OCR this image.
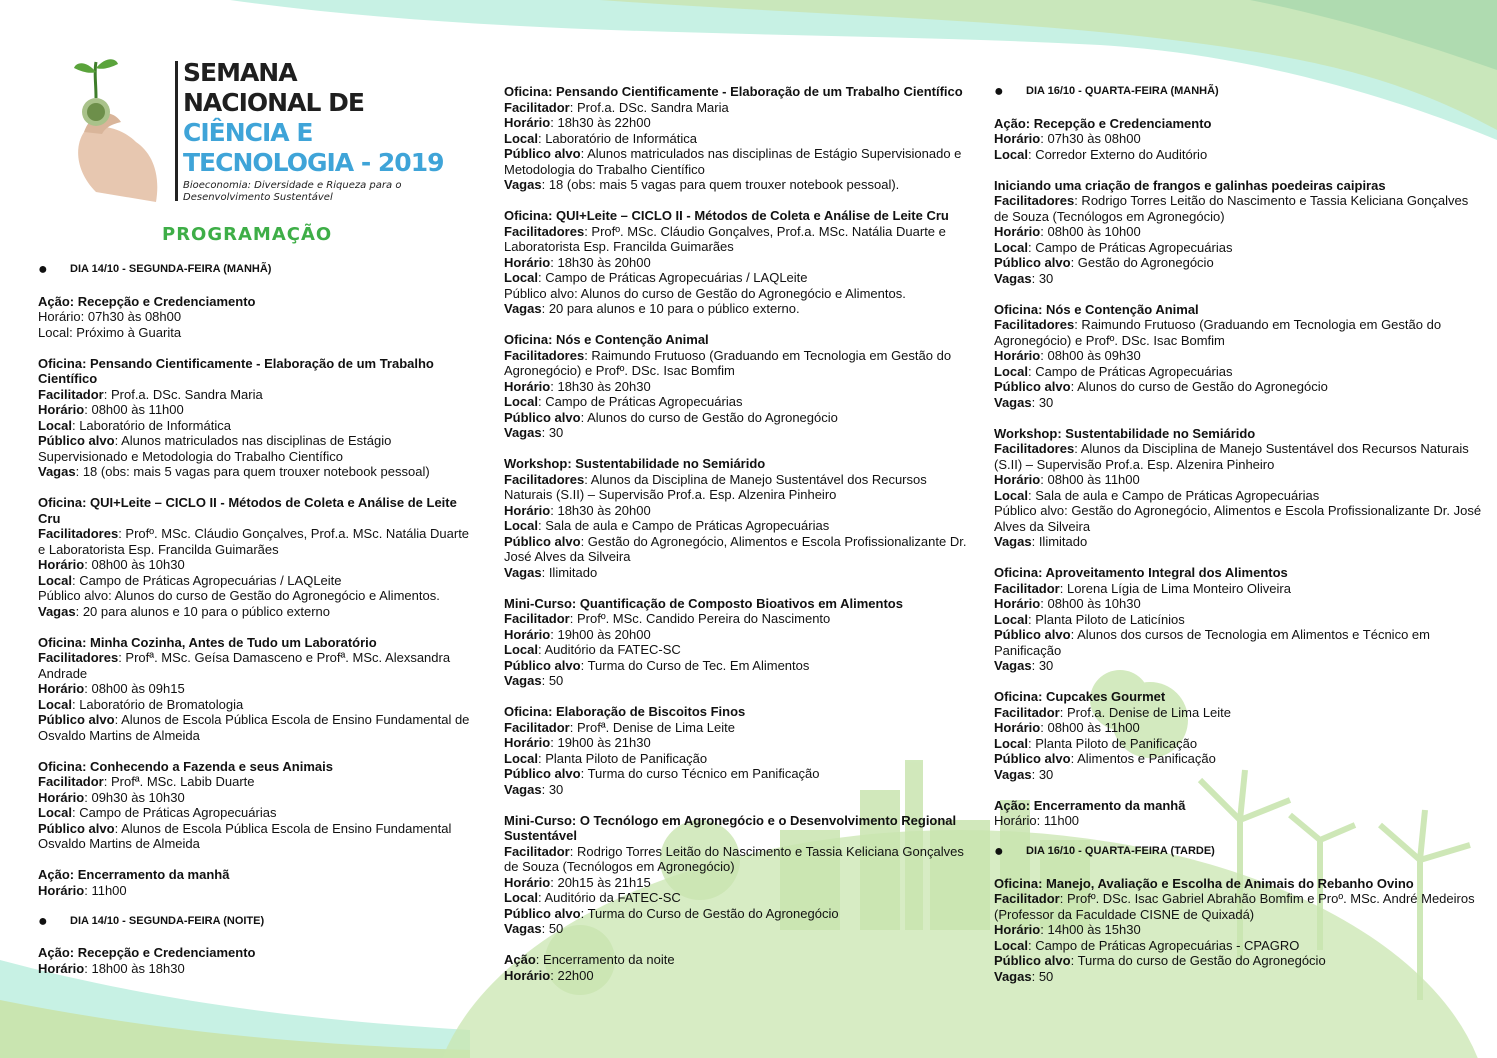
SEMANA
NACIONAL DE
CIÊNCIA E
TECNOLOGIA - 2019
Bioeconomia: Diversidade e Riqueza para o Desenvolvimento Sustentável
PROGRAMAÇÃO
●	DIA 14/10 - SEGUNDA-FEIRA (MANHÃ)
Ação: Recepção e Credenciamento
Horário: 07h30 às 08h00
Local: Próximo à Guarita
Oficina: Pensando Cientificamente - Elaboração de um Trabalho Científico
Facilitador: Prof.a. DSc. Sandra Maria
Horário: 08h00 às 11h00
Local: Laboratório de Informática
Público alvo: Alunos matriculados nas disciplinas de Estágio Supervisionado e Metodologia do Trabalho Científico
Vagas: 18 (obs: mais 5 vagas para quem trouxer notebook pessoal)
Oficina: QUI+Leite – CICLO II - Métodos de Coleta e Análise de Leite Cru
Facilitadores: Profº. MSc. Cláudio Gonçalves, Prof.a. MSc. Natália Duarte e Laboratorista Esp. Francilda Guimarães
Horário: 08h00 às 10h30
Local: Campo de Práticas Agropecuárias / LAQLeite
Público alvo: Alunos do curso de Gestão do Agronegócio e Alimentos.
Vagas: 20 para alunos e 10 para o público externo
Oficina: Minha Cozinha, Antes de Tudo um Laboratório
Facilitadores: Profª. MSc. Geísa Damasceno e Profª. MSc. Alexsandra Andrade
Horário: 08h00 às 09h15
Local: Laboratório de Bromatologia
Público alvo: Alunos de Escola Pública Escola de Ensino Fundamental de Osvaldo Martins de Almeida
Oficina: Conhecendo a Fazenda e seus Animais
Facilitador: Profª. MSc. Labib Duarte
Horário: 09h30 às 10h30
Local: Campo de Práticas Agropecuárias
Público alvo: Alunos de Escola Pública Escola de Ensino Fundamental Osvaldo Martins de Almeida
Ação: Encerramento da manhã
Horário: 11h00
●	DIA 14/10 - SEGUNDA-FEIRA (NOITE)
Ação: Recepção e Credenciamento
Horário: 18h00 às 18h30
Oficina: Pensando Cientificamente - Elaboração de um Trabalho Científico
Facilitador: Prof.a. DSc. Sandra Maria
Horário: 18h30 às 22h00
Local: Laboratório de Informática
Público alvo: Alunos matriculados nas disciplinas de Estágio Supervisionado e Metodologia do Trabalho Científico
Vagas: 18 (obs: mais 5 vagas para quem trouxer notebook pessoal).
Oficina: QUI+Leite – CICLO II - Métodos de Coleta e Análise de Leite Cru
Facilitadores: Profº. MSc. Cláudio Gonçalves, Prof.a. MSc. Natália Duarte e Laboratorista Esp. Francilda Guimarães
Horário: 18h30 às 20h00
Local: Campo de Práticas Agropecuárias / LAQLeite
Público alvo: Alunos do curso de Gestão do Agronegócio e Alimentos.
Vagas: 20 para alunos e 10 para o público externo.
Oficina: Nós e Contenção Animal
Facilitadores: Raimundo Frutuoso (Graduando em Tecnologia em Gestão do Agronegócio) e Profº. DSc. Isac Bomfim
Horário: 18h30 às 20h30
Local: Campo de Práticas Agropecuárias
Público alvo: Alunos do curso de Gestão do Agronegócio
Vagas: 30
Workshop: Sustentabilidade no Semiárido
Facilitadores: Alunos da Disciplina de Manejo Sustentável dos Recursos Naturais (S.II) – Supervisão Prof.a. Esp. Alzenira Pinheiro
Horário: 18h30 às 20h00
Local: Sala de aula e Campo de Práticas Agropecuárias
Público alvo: Gestão do Agronegócio, Alimentos e Escola Profissionalizante Dr. José Alves da Silveira
Vagas: Ilimitado
Mini-Curso: Quantificação de Composto Bioativos em Alimentos
Facilitador: Profº. MSc. Candido Pereira do Nascimento
Horário: 19h00 às 20h00
Local: Auditório da FATEC-SC
Público alvo: Turma do Curso de Tec. Em Alimentos
Vagas: 50
Oficina: Elaboração de Biscoitos Finos
Facilitador: Profª. Denise de Lima Leite
Horário: 19h00 às 21h30
Local: Planta Piloto de Panificação
Público alvo: Turma do curso Técnico em Panificação
Vagas: 30
Mini-Curso: O Tecnólogo em Agronegócio e o Desenvolvimento Regional Sustentável
Facilitador: Rodrigo Torres Leitão do Nascimento e Tassia Keliciana Gonçalves de Souza (Tecnólogos em Agronegócio)
Horário: 20h15 às 21h15
Local: Auditório da FATEC-SC
Público alvo: Turma do Curso de Gestão do Agronegócio
Vagas: 50
Ação: Encerramento da noite
Horário: 22h00
●	DIA 16/10 - QUARTA-FEIRA (MANHÃ)
Ação: Recepção e Credenciamento
Horário: 07h30 às 08h00
Local: Corredor Externo do Auditório
Iniciando uma criação de frangos e galinhas poedeiras caipiras
Facilitadores: Rodrigo Torres Leitão do Nascimento e Tassia Keliciana Gonçalves de Souza (Tecnólogos em Agronegócio)
Horário: 08h00 às 10h00
Local: Campo de Práticas Agropecuárias
Público alvo: Gestão do Agronegócio
Vagas: 30
Oficina: Nós e Contenção Animal
Facilitadores: Raimundo Frutuoso (Graduando em Tecnologia em Gestão do Agronegócio) e Profº. DSc. Isac Bomfim
Horário: 08h00 às 09h30
Local: Campo de Práticas Agropecuárias
Público alvo: Alunos do curso de Gestão do Agronegócio
Vagas: 30
Workshop: Sustentabilidade no Semiárido
Facilitadores: Alunos da Disciplina de Manejo Sustentável dos Recursos Naturais (S.II) – Supervisão Prof.a. Esp. Alzenira Pinheiro
Horário: 08h00 às 11h00
Local: Sala de aula e Campo de Práticas Agropecuárias
Público alvo: Gestão do Agronegócio, Alimentos e Escola Profissionalizante Dr. José Alves da Silveira
Vagas: Ilimitado
Oficina: Aproveitamento Integral dos Alimentos
Facilitador: Lorena Lígia de Lima Monteiro Oliveira
Horário: 08h00 às 10h30
Local: Planta Piloto de Laticínios
Público alvo: Alunos dos cursos de Tecnologia em Alimentos e Técnico em Panificação
Vagas: 30
Oficina: Cupcakes Gourmet
Facilitador: Prof.a. Denise de Lima Leite
Horário: 08h00 às 11h00
Local: Planta Piloto de Panificação
Público alvo: Alimentos e Panificação
Vagas: 30
Ação: Encerramento da manhã
Horário: 11h00
●	DIA 16/10 - QUARTA-FEIRA (TARDE)
Oficina: Manejo, Avaliação e Escolha de Animais do Rebanho Ovino
Facilitador: Profº. DSc. Isac Gabriel Abrahão Bomfim e Proº. MSc. André Medeiros (Professor da Faculdade CISNE de Quixadá)
Horário: 14h00 às 15h30
Local: Campo de Práticas Agropecuárias - CPAGRO
Público alvo: Turma do curso de Gestão do Agronegócio
Vagas: 50
